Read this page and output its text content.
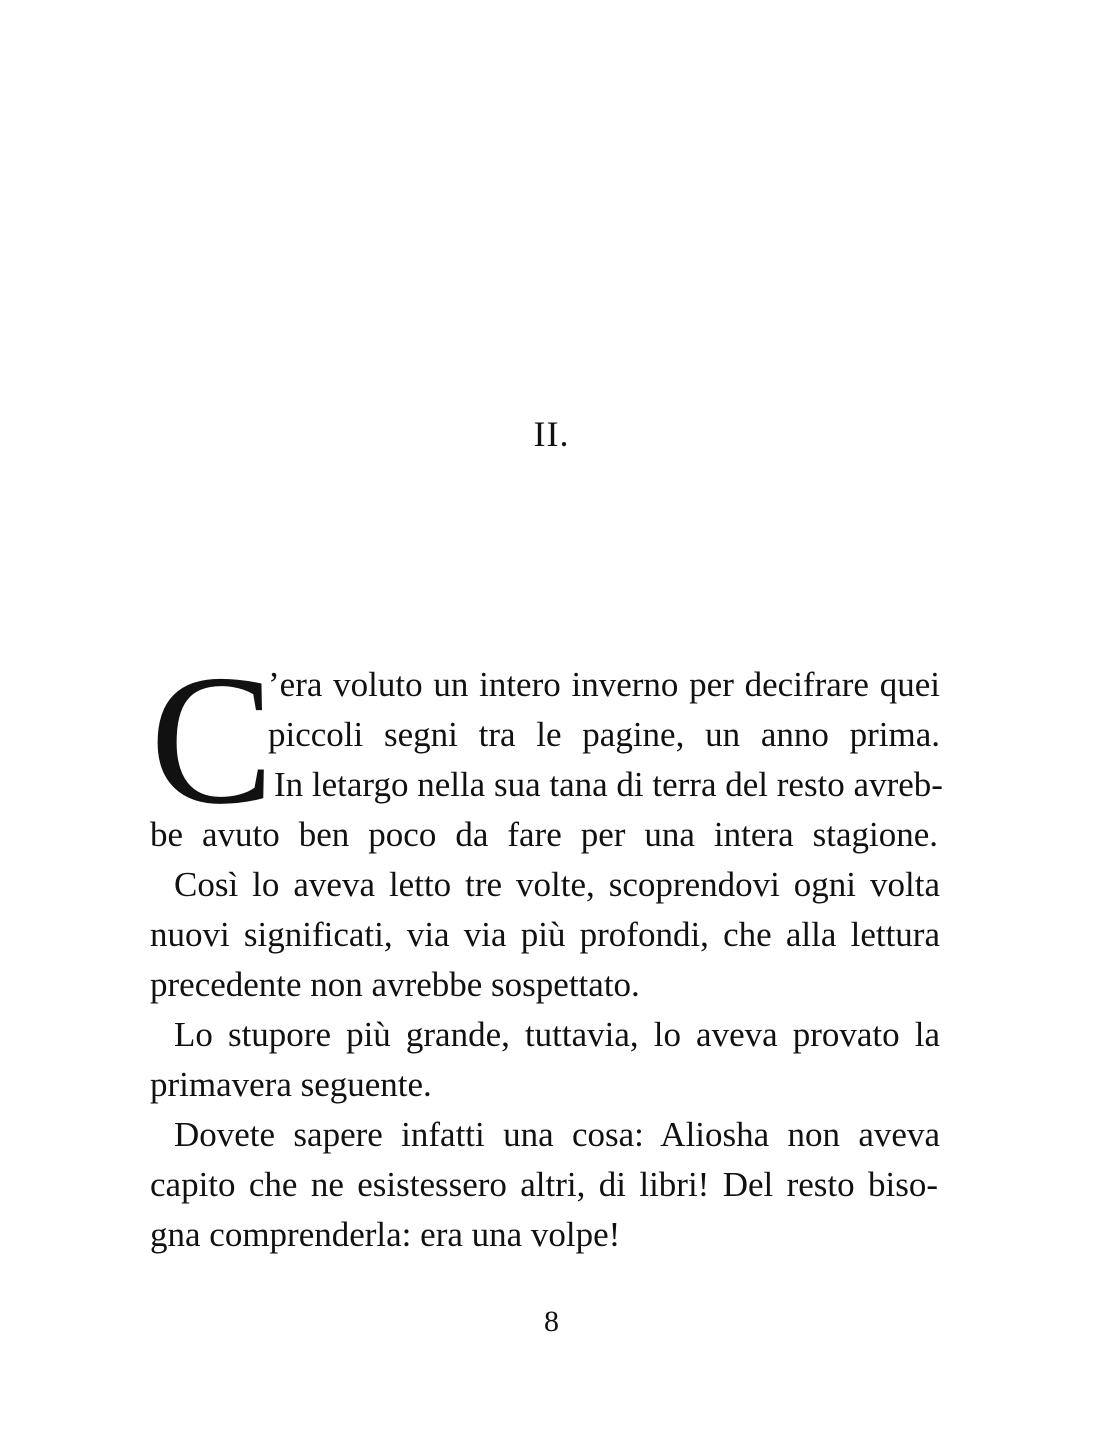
II.
C
’era voluto un intero inverno per decifrare quei
piccoli segni tra le pagine, un anno prima.
In letargo nella sua tana di terra del resto avreb-
be avuto ben poco da fare per una intera stagione.
Così lo aveva letto tre volte, scoprendovi ogni volta
nuovi significati, via via più profondi, che alla lettura
precedente non avrebbe sospettato.
Lo stupore più grande, tuttavia, lo aveva provato la
primavera seguente.
Dovete sapere infatti una cosa: Aliosha non aveva
capito che ne esistessero altri, di libri! Del resto biso-
gna comprenderla: era una volpe!
8
